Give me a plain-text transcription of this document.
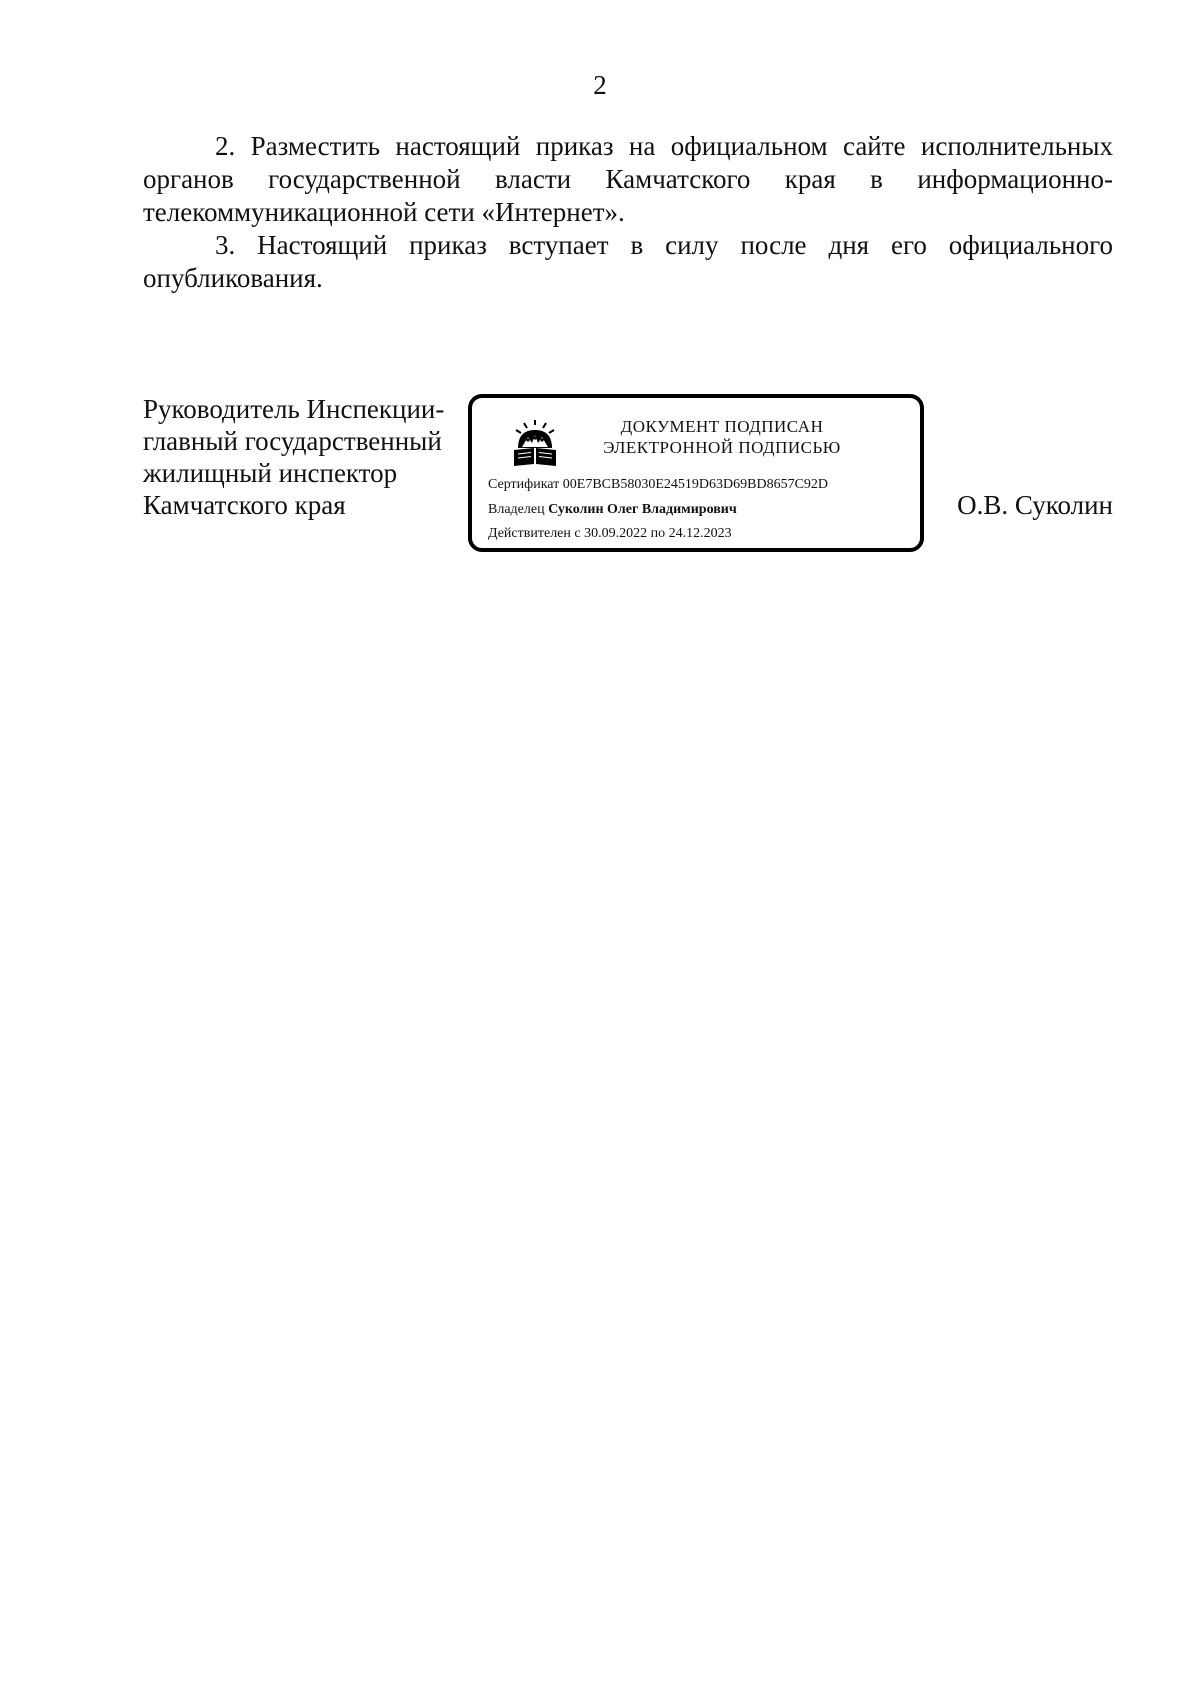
2

2. Разместить настоящий приказ на официальном сайте исполнительных органов государственной власти Камчатского края в информационно-телекоммуникационной сети «Интернет».

3. Настоящий приказ вступает в силу после дня его официального опубликования.

Руководитель Инспекции-
главный государственный
жилищный инспектор
Камчатского края
ДОКУМЕНТ ПОДПИСАН
ЭЛЕКТРОННОЙ ПОДПИСЬЮ
Сертификат 00E7BCB58030E24519D63D69BD8657C92D
Владелец Суколин Олег Владимирович
Действителен с 30.09.2022 по 24.12.2023
О.В. Суколин
